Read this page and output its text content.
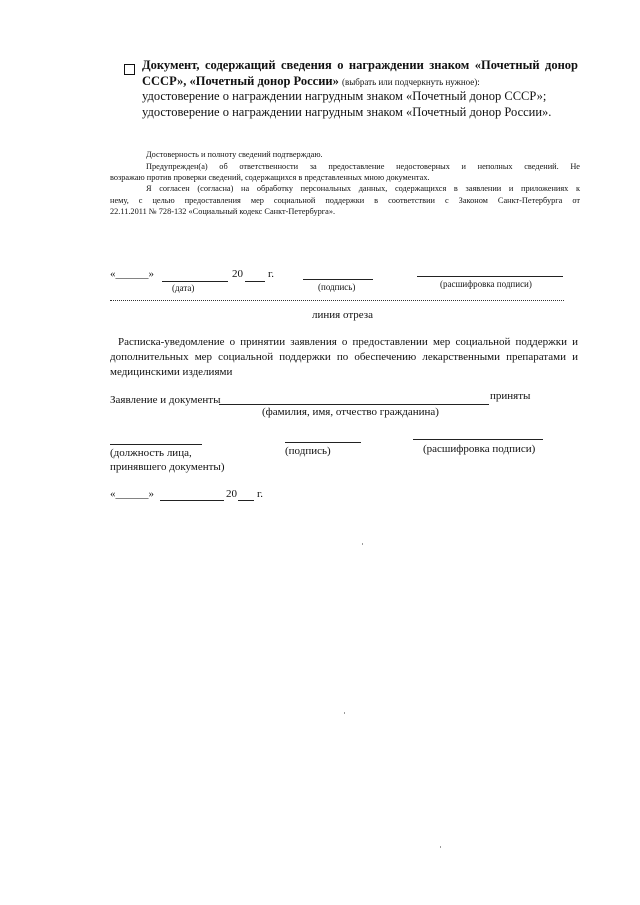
Документ, содержащий сведения о награждении знаком «Почетный донор
СССР», «Почетный донор России» (выбрать или подчеркнуть нужное):
удостоверение о награждении нагрудным знаком «Почетный донор СССР»;
удостоверение о награждении нагрудным знаком «Почетный донор России».
Достоверность и полноту сведений подтверждаю.
Предупрежден(а) об ответственности за предоставление недостоверных и неполных сведений. Не
возражаю против проверки сведений, содержащихся в представленных мною документах.
Я согласен (согласна) на обработку персональных данных, содержащихся в заявлении и приложениях к
нему, с целью предоставления мер социальной поддержки в соответствии с Законом Санкт-Петербурга от
22.11.2011 № 728-132 «Социальный кодекс Санкт-Петербурга».
«______»	20 г.
(дата)	(подпись)	(расшифровка подписи)
линия отреза
Расписка-уведомление о принятии заявления о предоставлении мер социальной поддержки и
дополнительных мер социальной поддержки по обеспечению лекарственными препаратами и
медицинскими изделиями
Заявление и документы	приняты
(фамилия, имя, отчество гражданина)
(должность лица,	(подпись)	(расшифровка подписи)
принявшего документы)
«______»	20 г.
